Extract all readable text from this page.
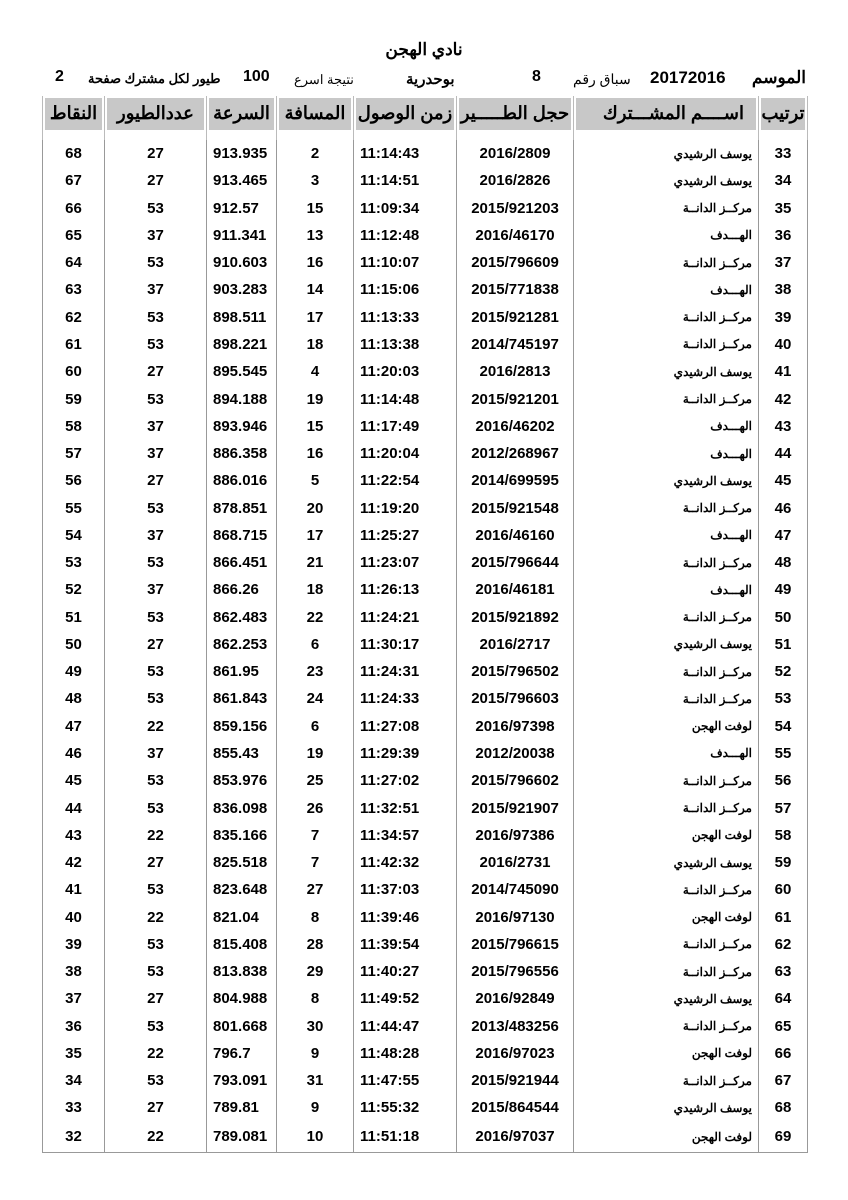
نادي الهجن
الموسم
20172016
سباق رقم
8
بوحدرية
نتيجة اسرع
100
طيور لكل مشترك صفحة
2
ترتيب	اســــم المشـــترك	حجل الطـــــير	زمن الوصول	المسافة	السرعة	عددالطيور	النقاط

33	يوسف الرشيدي	2016/2809	11:14:43	2	913.935	27	68
34	يوسف الرشيدي	2016/2826	11:14:51	3	913.465	27	67
35	مركــز الدانــة	2015/921203	11:09:34	15	912.57	53	66
36	الهـــدف	2016/46170	11:12:48	13	911.341	37	65
37	مركــز الدانــة	2015/796609	11:10:07	16	910.603	53	64
38	الهـــدف	2015/771838	11:15:06	14	903.283	37	63
39	مركــز الدانــة	2015/921281	11:13:33	17	898.511	53	62
40	مركــز الدانــة	2014/745197	11:13:38	18	898.221	53	61
41	يوسف الرشيدي	2016/2813	11:20:03	4	895.545	27	60
42	مركــز الدانــة	2015/921201	11:14:48	19	894.188	53	59
43	الهـــدف	2016/46202	11:17:49	15	893.946	37	58
44	الهـــدف	2012/268967	11:20:04	16	886.358	37	57
45	يوسف الرشيدي	2014/699595	11:22:54	5	886.016	27	56
46	مركــز الدانــة	2015/921548	11:19:20	20	878.851	53	55
47	الهـــدف	2016/46160	11:25:27	17	868.715	37	54
48	مركــز الدانــة	2015/796644	11:23:07	21	866.451	53	53
49	الهـــدف	2016/46181	11:26:13	18	866.26	37	52
50	مركــز الدانــة	2015/921892	11:24:21	22	862.483	53	51
51	يوسف الرشيدي	2016/2717	11:30:17	6	862.253	27	50
52	مركــز الدانــة	2015/796502	11:24:31	23	861.95	53	49
53	مركــز الدانــة	2015/796603	11:24:33	24	861.843	53	48
54	لوفت الهجن	2016/97398	11:27:08	6	859.156	22	47
55	الهـــدف	2012/20038	11:29:39	19	855.43	37	46
56	مركــز الدانــة	2015/796602	11:27:02	25	853.976	53	45
57	مركــز الدانــة	2015/921907	11:32:51	26	836.098	53	44
58	لوفت الهجن	2016/97386	11:34:57	7	835.166	22	43
59	يوسف الرشيدي	2016/2731	11:42:32	7	825.518	27	42
60	مركــز الدانــة	2014/745090	11:37:03	27	823.648	53	41
61	لوفت الهجن	2016/97130	11:39:46	8	821.04	22	40
62	مركــز الدانــة	2015/796615	11:39:54	28	815.408	53	39
63	مركــز الدانــة	2015/796556	11:40:27	29	813.838	53	38
64	يوسف الرشيدي	2016/92849	11:49:52	8	804.988	27	37
65	مركــز الدانــة	2013/483256	11:44:47	30	801.668	53	36
66	لوفت الهجن	2016/97023	11:48:28	9	796.7	22	35
67	مركــز الدانــة	2015/921944	11:47:55	31	793.091	53	34
68	يوسف الرشيدي	2015/864544	11:55:32	9	789.81	27	33
69	لوفت الهجن	2016/97037	11:51:18	10	789.081	22	32
